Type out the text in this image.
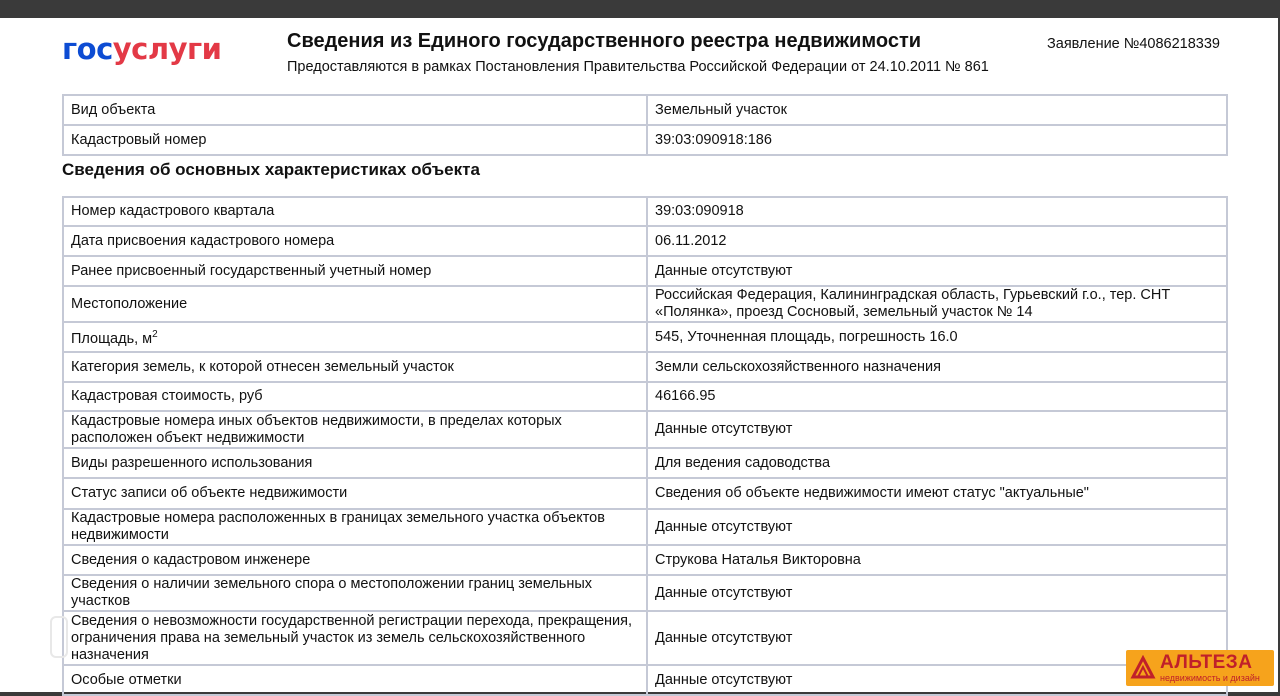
госуслуги	Сведения из Единого государственного реестра недвижимости
Предоставляются в рамках Постановления Правительства Российской Федерации от 24.10.2011 № 861
Заявление №4086218339
Вид объекта	Земельный участок
Кадастровый номер	39:03:090918:186
Сведения об основных характеристиках объекта
Номер кадастрового квартала	39:03:090918
Дата присвоения кадастрового номера	06.11.2012
Ранее присвоенный государственный учетный номер	Данные отсутствуют
Местоположение	Российская Федерация, Калининградская область, Гурьевский г.о., тер. СНТ «Полянка», проезд Сосновый, земельный участок № 14
Площадь, $м^2$	545, Уточненная площадь, погрешность 16.0
Категория земель, к которой отнесен земельный участок	Земли сельскохозяйственного назначения
Кадастровая стоимость, руб	46166.95
Кадастровые номера иных объектов недвижимости, в пределах которых расположен объект недвижимости	Данные отсутствуют
Виды разрешенного использования	Для ведения садоводства
Статус записи об объекте недвижимости	Сведения об объекте недвижимости имеют статус "актуальные"
Кадастровые номера расположенных в границах земельного участка объектов недвижимости	Данные отсутствуют
Сведения о кадастровом инженере	Струкова Наталья Викторовна
Сведения о наличии земельного спора о местоположении границ земельных участков	Данные отсутствуют
Сведения о невозможности государственной регистрации перехода, прекращения, ограничения права на земельный участок из земель сельскохозяйственного назначения	Данные отсутствуют
Особые отметки	Данные отсутствуют
АЛЬТЕЗА
недвижимость и дизайн
